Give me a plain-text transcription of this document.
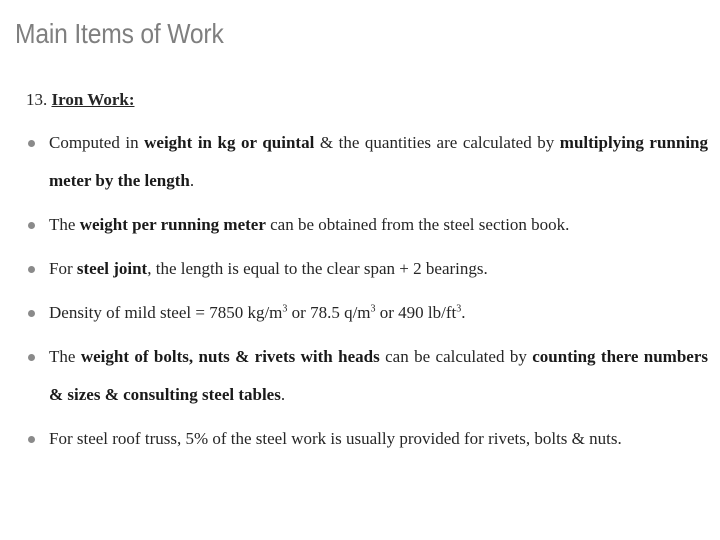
Main Items of Work
13. Iron Work:
Computed in weight in kg or quintal & the quantities are calculated by multiplying running meter by the length.
The weight per running meter can be obtained from the steel section book.
For steel joint, the length is equal to the clear span + 2 bearings.
Density of mild steel = 7850 $kg/m^3$ or 78.5 $q/m^3$ or 490 $lb/ft^3$.
The weight of bolts, nuts & rivets with heads can be calculated by counting there numbers & sizes & consulting steel tables.
For steel roof truss, 5% of the steel work is usually provided for rivets, bolts & nuts.
